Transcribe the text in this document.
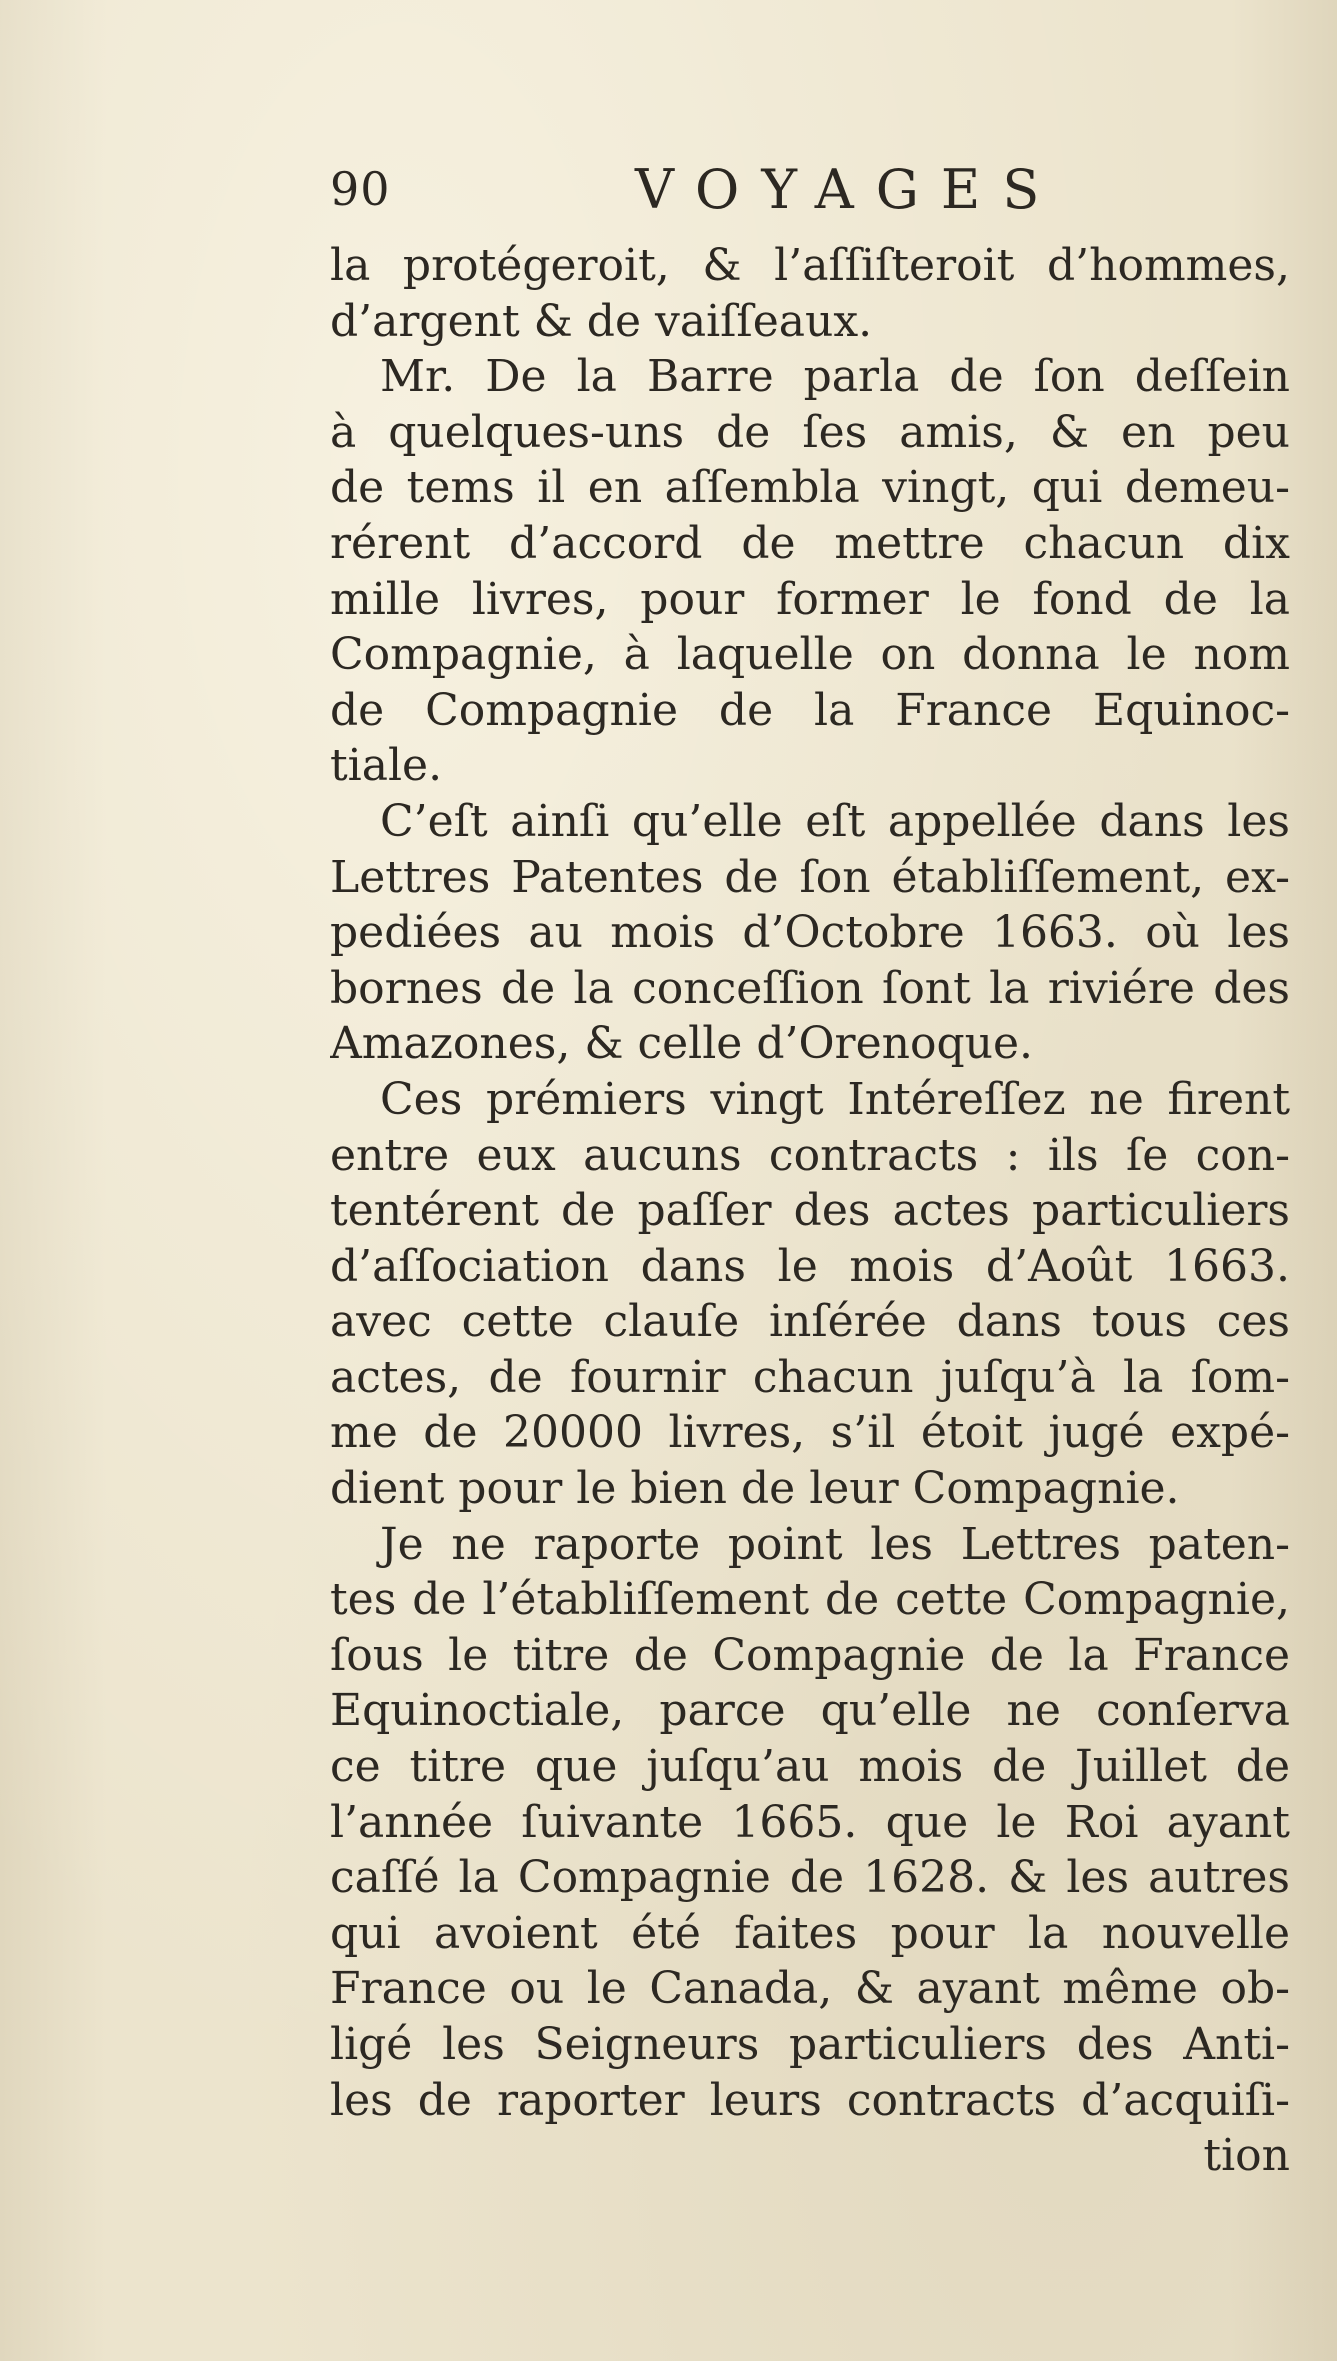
90	VOYAGES
la protégeroit, & l’aſſiſteroit d’hommes,
d’argent & de vaiſſeaux.
Mr. De la Barre parla de ſon deſſein
à quelques-uns de ſes amis, & en peu
de tems il en aſſembla vingt, qui demeu-
rérent d’accord de mettre chacun dix
mille livres, pour former le fond de la
Compagnie, à laquelle on donna le nom
de Compagnie de la France Equinoc-
tiale.
C’eſt ainſi qu’elle eſt appellée dans les
Lettres Patentes de ſon établiſſement, ex-
pediées au mois d’Octobre 1663. où les
bornes de la conceſſion ſont la riviére des
Amazones, & celle d’Orenoque.
Ces prémiers vingt Intéreſſez ne firent
entre eux aucuns contracts : ils ſe con-
tentérent de paſſer des actes particuliers
d’aſſociation dans le mois d’Août 1663.
avec cette clauſe inſérée dans tous ces
actes, de fournir chacun juſqu’à la ſom-
me de 20000 livres, s’il étoit jugé expé-
dient pour le bien de leur Compagnie.
Je ne raporte point les Lettres paten-
tes de l’établiſſement de cette Compagnie,
ſous le titre de Compagnie de la France
Equinoctiale, parce qu’elle ne conſerva
ce titre que juſqu’au mois de Juillet de
l’année ſuivante 1665. que le Roi ayant
caſſé la Compagnie de 1628. & les autres
qui avoient été faites pour la nouvelle
France ou le Canada, & ayant même ob-
ligé les Seigneurs particuliers des Anti-
les de raporter leurs contracts d’acquiſi-
tion
